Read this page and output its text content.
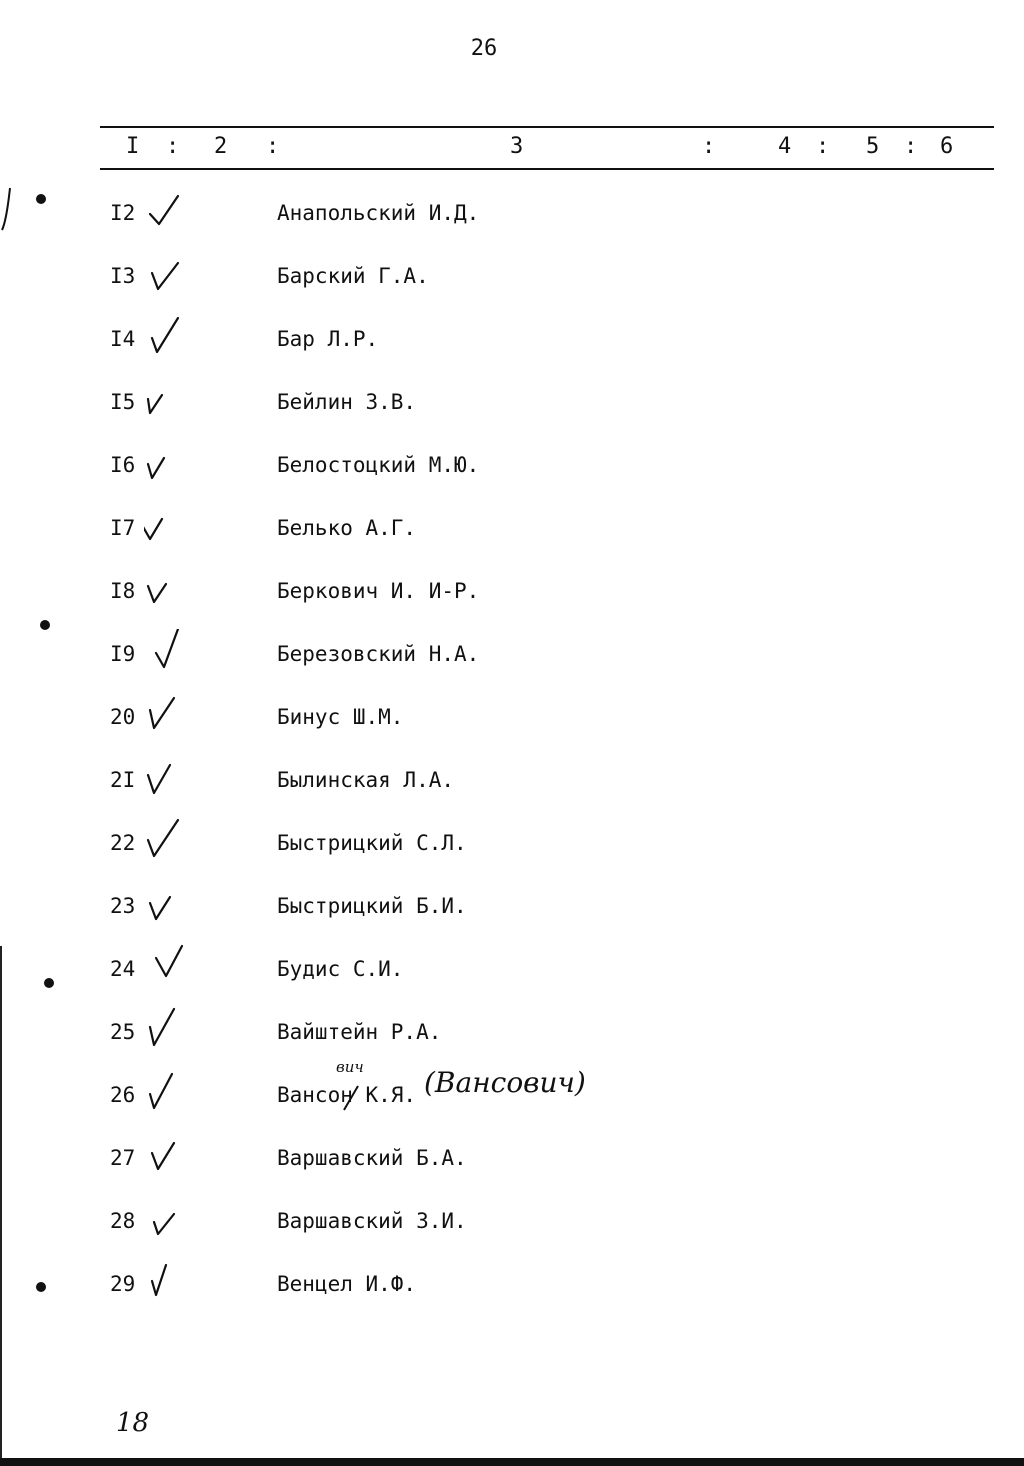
26
I : 2 :	3	:	4 : 5 : 6
I2	Анапольский И.Д.
I3	Барский Г.А.
I4	Бар Л.Р.
I5	Бейлин З.В.
I6	Белостоцкий М.Ю.
I7	Белько А.Г.
I8	Беркович И. И-Р.
I9	Березовский Н.А.
20	Бинус Ш.М.
2I	Былинская Л.А.
22	Быстрицкий С.Л.
23	Быстрицкий Б.И.
24	Будис С.И.
25	Вайштейн Р.А.
26	Вансон К.Я.
27	Варшавский Б.А.
28	Варшавский З.И.
29	Венцел И.Ф.
вич (Вансович)
18
